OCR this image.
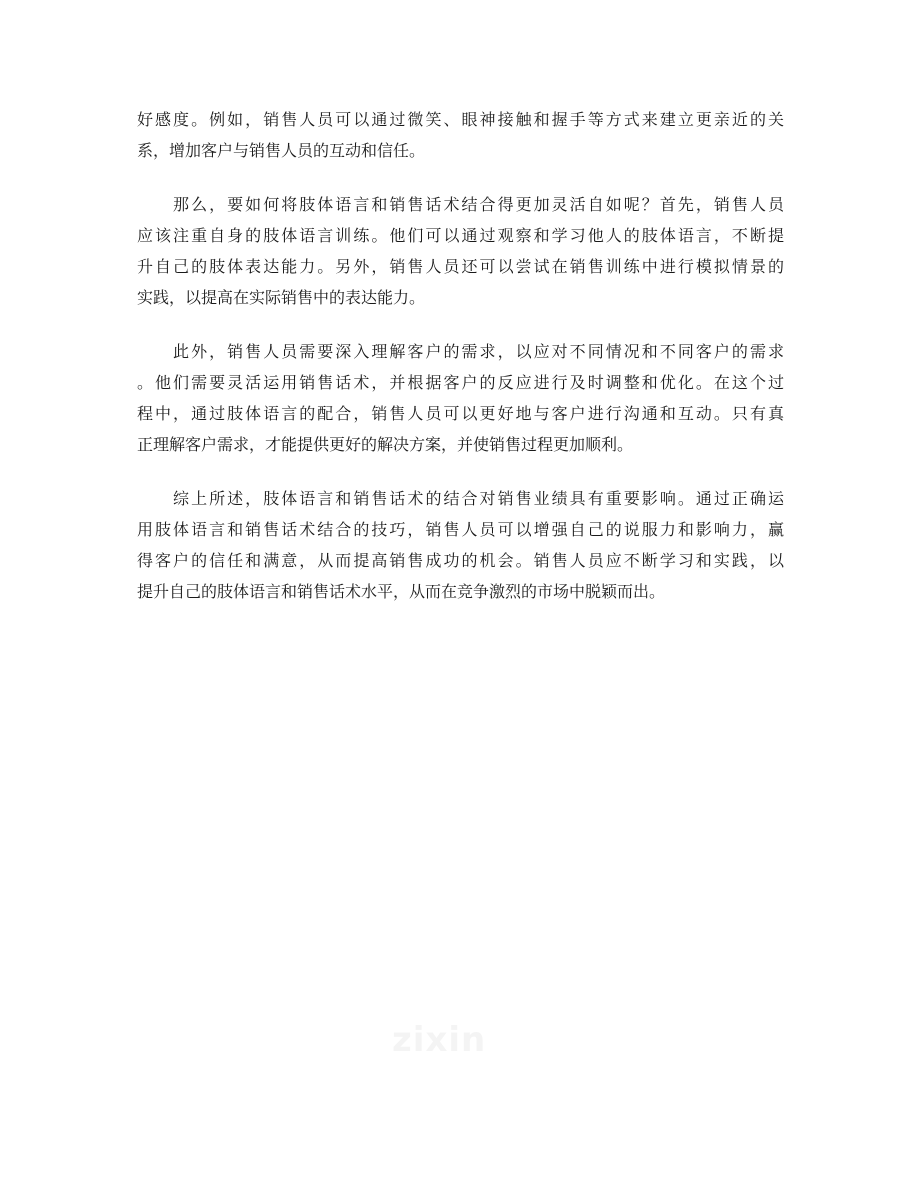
好感度。例如，销售人员可以通过微笑、眼神接触和握手等方式来建立更亲近的关
系，增加客户与销售人员的互动和信任。
　　那么，要如何将肢体语言和销售话术结合得更加灵活自如呢？首先，销售人员
应该注重自身的肢体语言训练。他们可以通过观察和学习他人的肢体语言，不断提
升自己的肢体表达能力。另外，销售人员还可以尝试在销售训练中进行模拟情景的
实践，以提高在实际销售中的表达能力。
　　此外，销售人员需要深入理解客户的需求，以应对不同情况和不同客户的需求
。他们需要灵活运用销售话术，并根据客户的反应进行及时调整和优化。在这个过
程中，通过肢体语言的配合，销售人员可以更好地与客户进行沟通和互动。只有真
正理解客户需求，才能提供更好的解决方案，并使销售过程更加顺利。
　　综上所述，肢体语言和销售话术的结合对销售业绩具有重要影响。通过正确运
用肢体语言和销售话术结合的技巧，销售人员可以增强自己的说服力和影响力，赢
得客户的信任和满意，从而提高销售成功的机会。销售人员应不断学习和实践，以
提升自己的肢体语言和销售话术水平，从而在竞争激烈的市场中脱颖而出。
zixin
